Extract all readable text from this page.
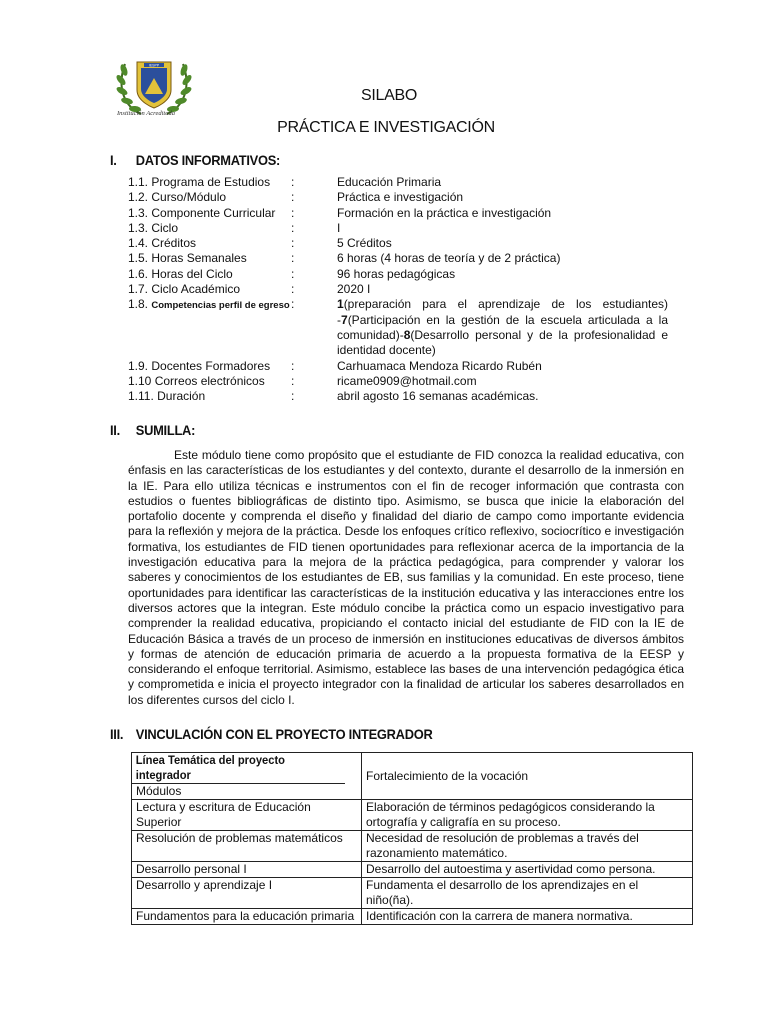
IESPP
Institución Acreditada
SILABO
PRÁCTICA E INVESTIGACIÓN
I. DATOS INFORMATIVOS:
1.1. Programa de Estudios	:	Educación Primaria
1.2. Curso/Módulo	:	Práctica e investigación
1.3. Componente Curricular	:	Formación en la práctica e investigación
1.3. Ciclo	:	I
1.4. Créditos	:	5 Créditos
1.5. Horas Semanales	:	6 horas (4 horas de teoría y de 2 práctica)
1.6. Horas del Ciclo	:	96 horas pedagógicas
1.7. Ciclo Académico	:	2020 I
1.8. Competencias perfil de egreso :	1(preparación para el aprendizaje de los estudiantes) -7(Participación en la gestión de la escuela articulada a la comunidad)-8(Desarrollo personal y de la profesionalidad e identidad docente)
1.9. Docentes Formadores	:	Carhuamaca Mendoza Ricardo Rubén
1.10 Correos electrónicos	:	ricame0909@hotmail.com
1.11. Duración	:	abril agosto 16 semanas académicas.
II. SUMILLA:
Este módulo tiene como propósito que el estudiante de FID conozca la realidad educativa, con énfasis en las características de los estudiantes y del contexto, durante el desarrollo de la inmersión en la IE. Para ello utiliza técnicas e instrumentos con el fin de recoger información que contrasta con estudios o fuentes bibliográficas de distinto tipo. Asimismo, se busca que inicie la elaboración del portafolio docente y comprenda el diseño y finalidad del diario de campo como importante evidencia para la reflexión y mejora de la práctica. Desde los enfoques crítico reflexivo, sociocrítico e investigación formativa, los estudiantes de FID tienen oportunidades para reflexionar acerca de la importancia de la investigación educativa para la mejora de la práctica pedagógica, para comprender y valorar los saberes y conocimientos de los estudiantes de EB, sus familias y la comunidad. En este proceso, tiene oportunidades para identificar las características de la institución educativa y las interacciones entre los diversos actores que la integran. Este módulo concibe la práctica como un espacio investigativo para comprender la realidad educativa, propiciando el contacto inicial del estudiante de FID con la IE de Educación Básica a través de un proceso de inmersión en instituciones educativas de diversos ámbitos y formas de atención de educación primaria de acuerdo a la propuesta formativa de la EESP y considerando el enfoque territorial. Asimismo, establece las bases de una intervención pedagógica ética y comprometida e inicia el proyecto integrador con la finalidad de articular los saberes desarrollados en los diferentes cursos del ciclo I.
III. VINCULACIÓN CON EL PROYECTO INTEGRADOR
Línea Temática del proyecto integrador
Módulos	Fortalecimiento de la vocación
Lectura y escritura de Educación Superior	Elaboración de términos pedagógicos considerando la ortografía y caligrafía en su proceso.
Resolución de problemas matemáticos	Necesidad de resolución de problemas a través del razonamiento matemático.
Desarrollo personal I	Desarrollo del autoestima y asertividad como persona.
Desarrollo y aprendizaje I	Fundamenta el desarrollo de los aprendizajes en el niño(ña).
Fundamentos para la educación primaria	Identificación con la carrera de manera normativa.
